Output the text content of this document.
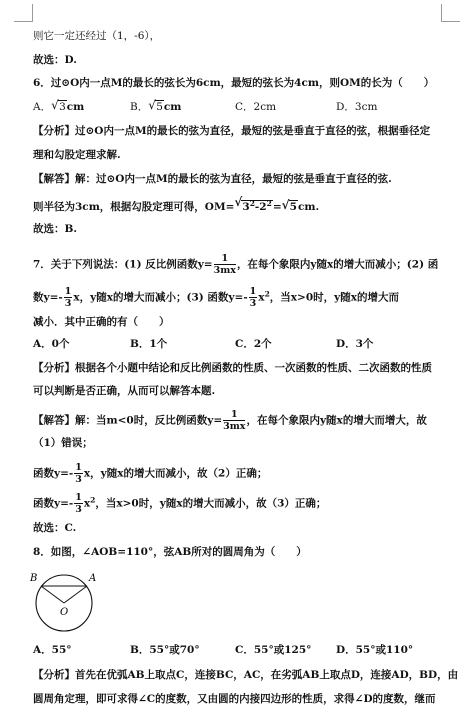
则它一定还经过（1，-6），
故选：D.
6．过⊙O内一点M的最长的弦长为6cm，最短的弦长为4cm，则OM的长为（　　）
A． √ 3cm	B． √ 5cm	C．2cm	D．3cm
【分析】过⊙O内一点M的最长的弦为直径，最短的弦是垂直于直径的弦，根据垂径定
理和勾股定理求解.
【解答】解：过⊙O内一点M的最长的弦为直径，最短的弦是垂直于直径的弦.
则半径为3cm，根据勾股定理可得，OM= √ $3^2-2^2=$ √ 5cm.
故选：B.
7．关于下列说法：(1) 反比例函数$y= \frac{1}{3mx}$ ，在每个象限内y随x的增大而减小；(2) 函
数$y=- \frac{1}{3}$ x，y随x的增大而减小；(3) 函数$y=- \frac{1}{3} x^2$，当x>0时，y随x的增大而
减小．其中正确的有（　　）
A．0个	B．1个	C．2个	D．3个
【分析】根据各个小题中结论和反比例函数的性质、一次函数的性质、二次函数的性质
可以判断是否正确，从而可以解答本题.
【解答】解：当m<0时，反比例函数$y= \frac{1}{3mx}$ ，在每个象限内y随x的增大而增大，故
（1）错误；
函数$y=- \frac{1}{3}$ x，y随x的增大而减小，故（2）正确；
函数$y=- \frac{1}{3} x^2$，当x>0时，y随x的增大而减小，故（3）正确；
故选：C.
8．如图，∠AOB=110°，弦AB所对的圆周角为（　　）
B	A
O
A．55°	B．55°或70°	C．55°或125° D．55°或110°
【分析】首先在优弧AB上取点C，连接BC，AC，在劣弧AB上取点D，连接AD，BD，由
圆周角定理，即可求得∠C的度数，又由圆的内接四边形的性质，求得∠D的度数，继而
